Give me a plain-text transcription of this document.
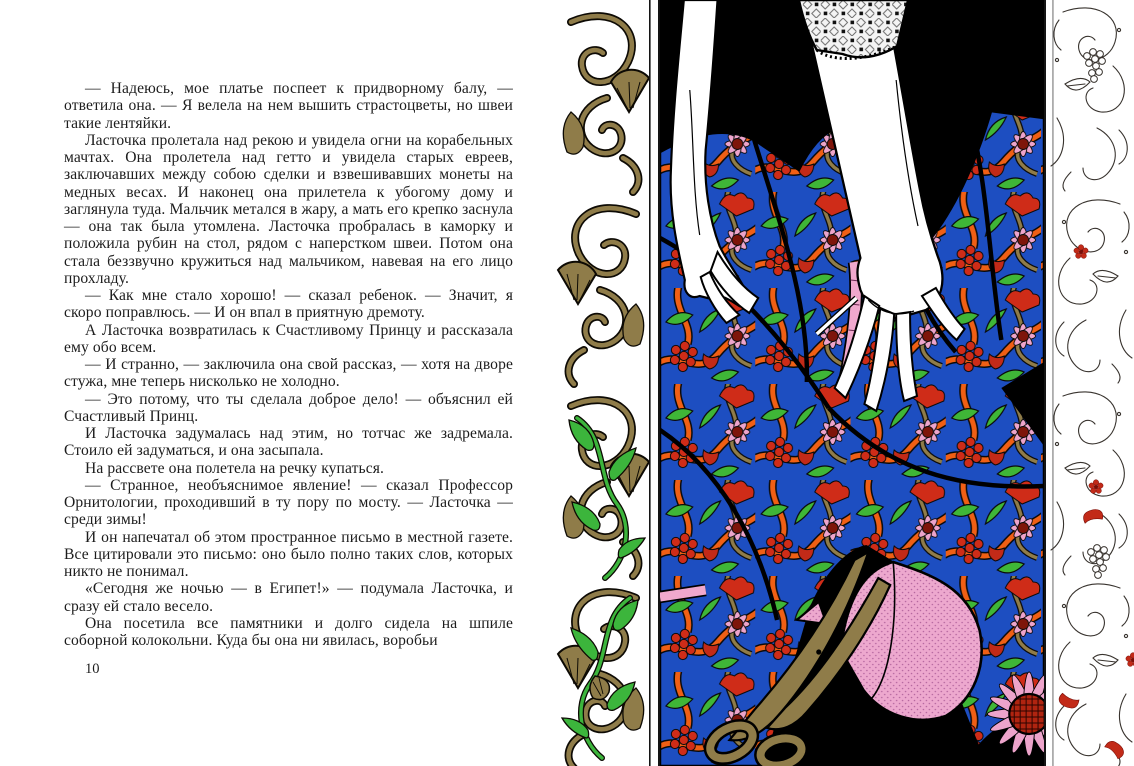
— Надеюсь, мое платье поспеет к придворному балу, — ответила она. — Я велела на нем вышить страстоцветы, но швеи такие лентяйки.

Ласточка пролетала над рекою и увидела огни на корабельных мачтах. Она пролетела над гетто и увидела старых евреев, заключавших между собою сделки и взвешивавших монеты на медных весах. И наконец она прилетела к убогому дому и заглянула туда. Мальчик метался в жару, а мать его крепко заснула — она так была утомлена. Ласточка пробралась в каморку и положила рубин на стол, рядом с наперстком швеи. Потом она стала беззвучно кружиться над мальчиком, навевая на его лицо прохладу.

— Как мне стало хорошо! — сказал ребенок. — Значит, я скоро поправлюсь. — И он впал в приятную дремоту.

А Ласточка возвратилась к Счастливому Принцу и рассказала ему обо всем.

— И странно, — заключила она свой рассказ, — хотя на дворе стужа, мне теперь нисколько не холодно.

— Это потому, что ты сделала доброе дело! — объяснил ей Счастливый Принц.

И Ласточка задумалась над этим, но тотчас же задремала. Стоило ей задуматься, и она засыпала.

На рассвете она полетела на речку купаться.

— Странное, необъяснимое явление! — сказал Профессор Орнитологии, проходивший в ту пору по мосту. — Ласточка — среди зимы!

И он напечатал об этом пространное письмо в местной газете. Все цитировали это письмо: оно было полно таких слов, которых никто не понимал.

«Сегодня же ночью — в Египет!» — подумала Ласточка, и сразу ей стало весело.

Она посетила все памятники и долго сидела на шпиле соборной колокольни. Куда бы она ни явилась, воробьи

10
